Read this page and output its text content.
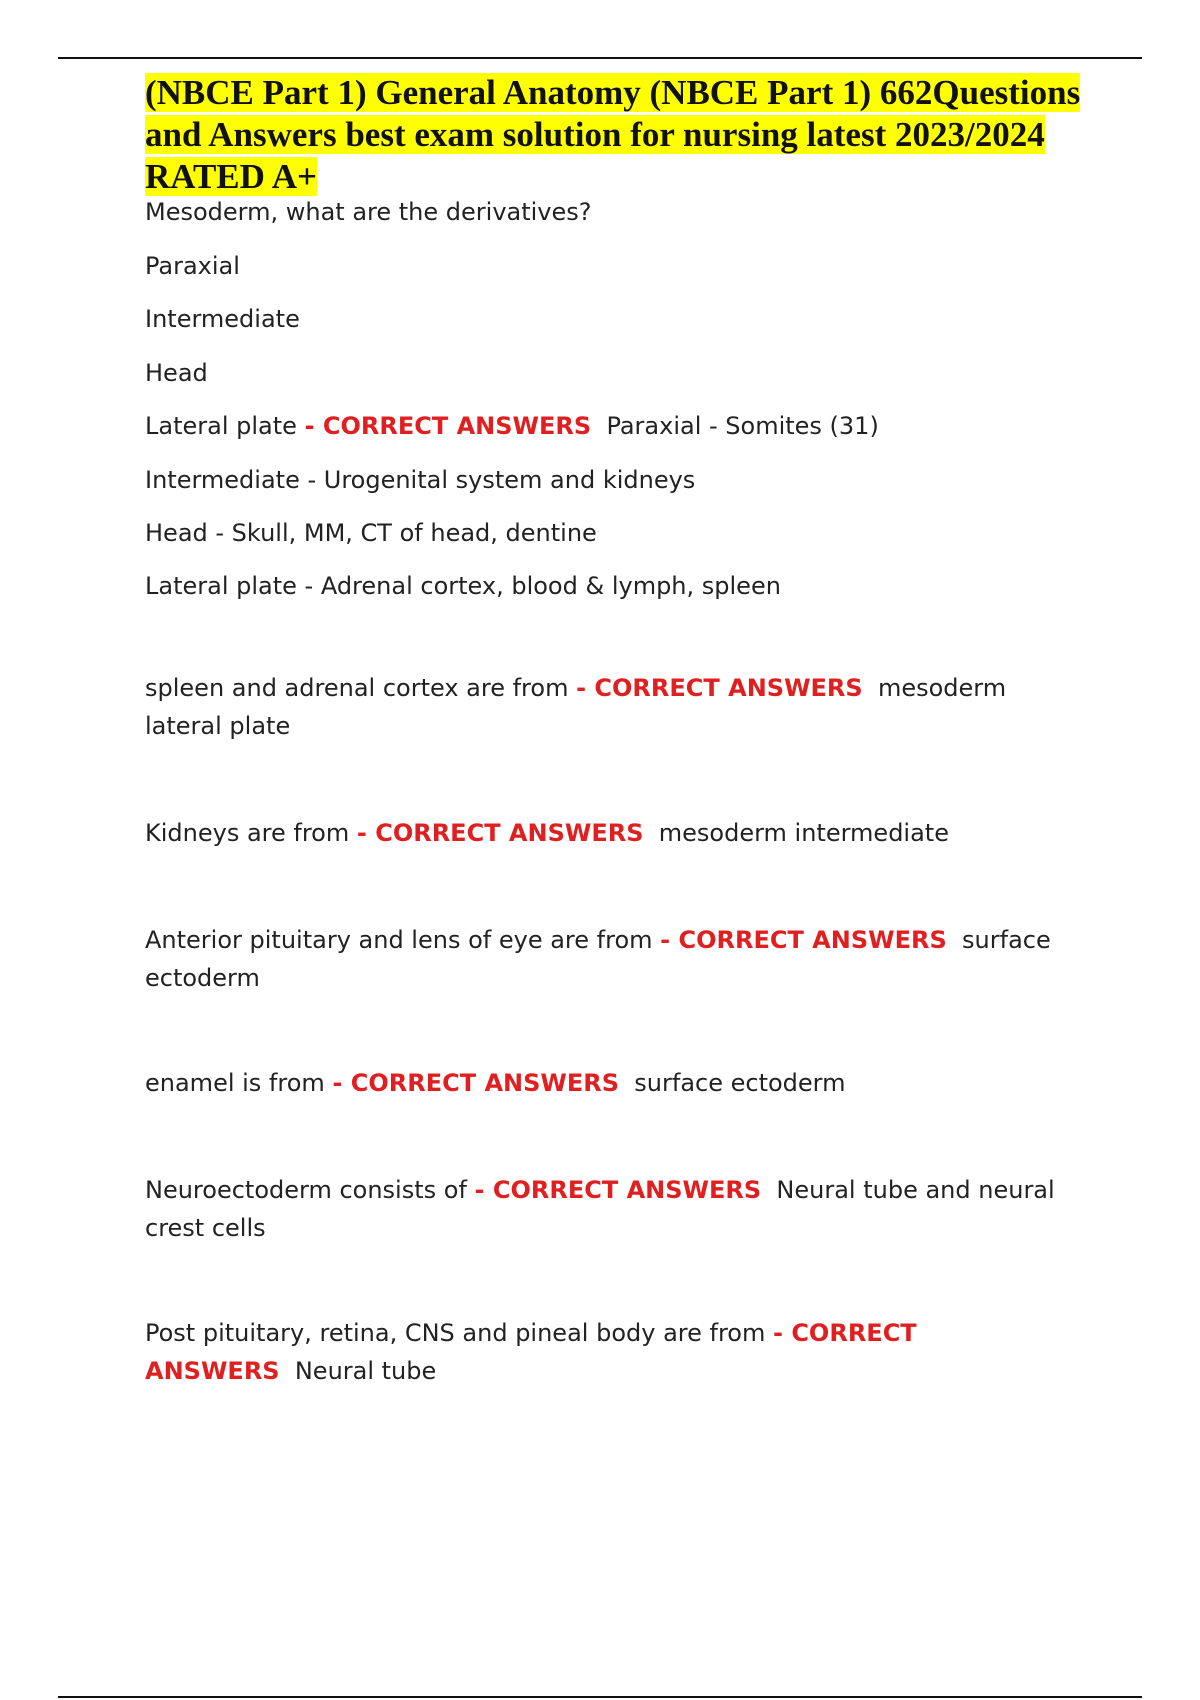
(NBCE Part 1) General Anatomy (NBCE Part 1) 662Questions and Answers best exam solution for nursing latest 2023/2024 RATED A+

Mesoderm, what are the derivatives?

Paraxial

Intermediate

Head

Lateral plate - CORRECT ANSWERS Paraxial - Somites (31)

Intermediate - Urogenital system and kidneys

Head - Skull, MM, CT of head, dentine

Lateral plate - Adrenal cortex, blood & lymph, spleen

spleen and adrenal cortex are from - CORRECT ANSWERS mesoderm lateral plate

Kidneys are from - CORRECT ANSWERS mesoderm intermediate

Anterior pituitary and lens of eye are from - CORRECT ANSWERS surface ectoderm

enamel is from - CORRECT ANSWERS surface ectoderm

Neuroectoderm consists of - CORRECT ANSWERS Neural tube and neural crest cells

Post pituitary, retina, CNS and pineal body are from - CORRECT ANSWERS Neural tube
